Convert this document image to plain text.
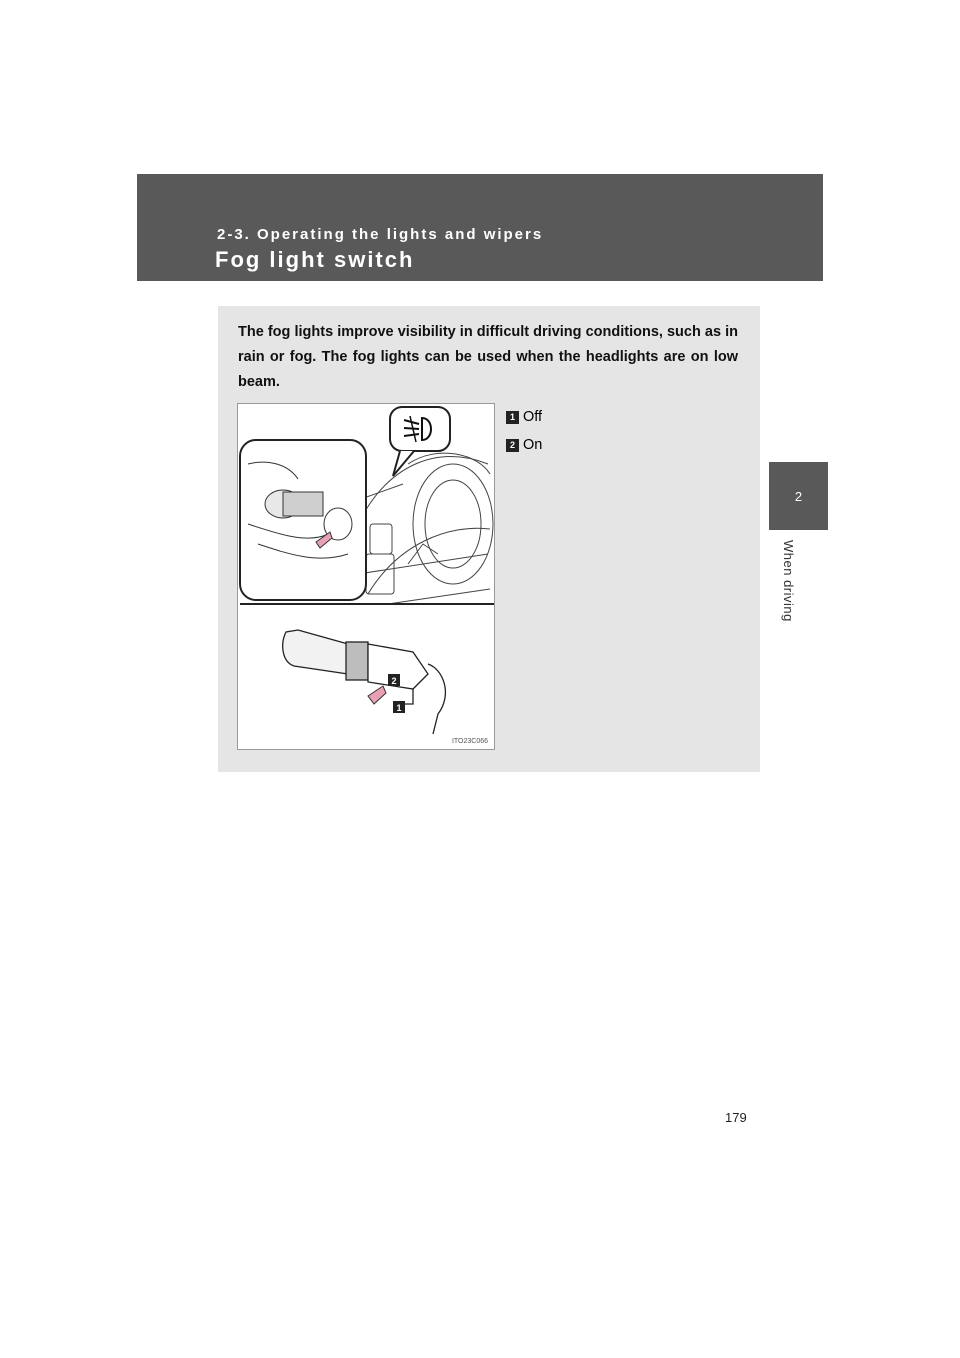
2-3. Operating the lights and wipers
Fog light switch
2
When driving
The fog lights improve visibility in difficult driving conditions, such as in rain or fog. The fog lights can be used when the headlights are on low beam.
2
1
ITO23C066
1 Off
2 On
179
